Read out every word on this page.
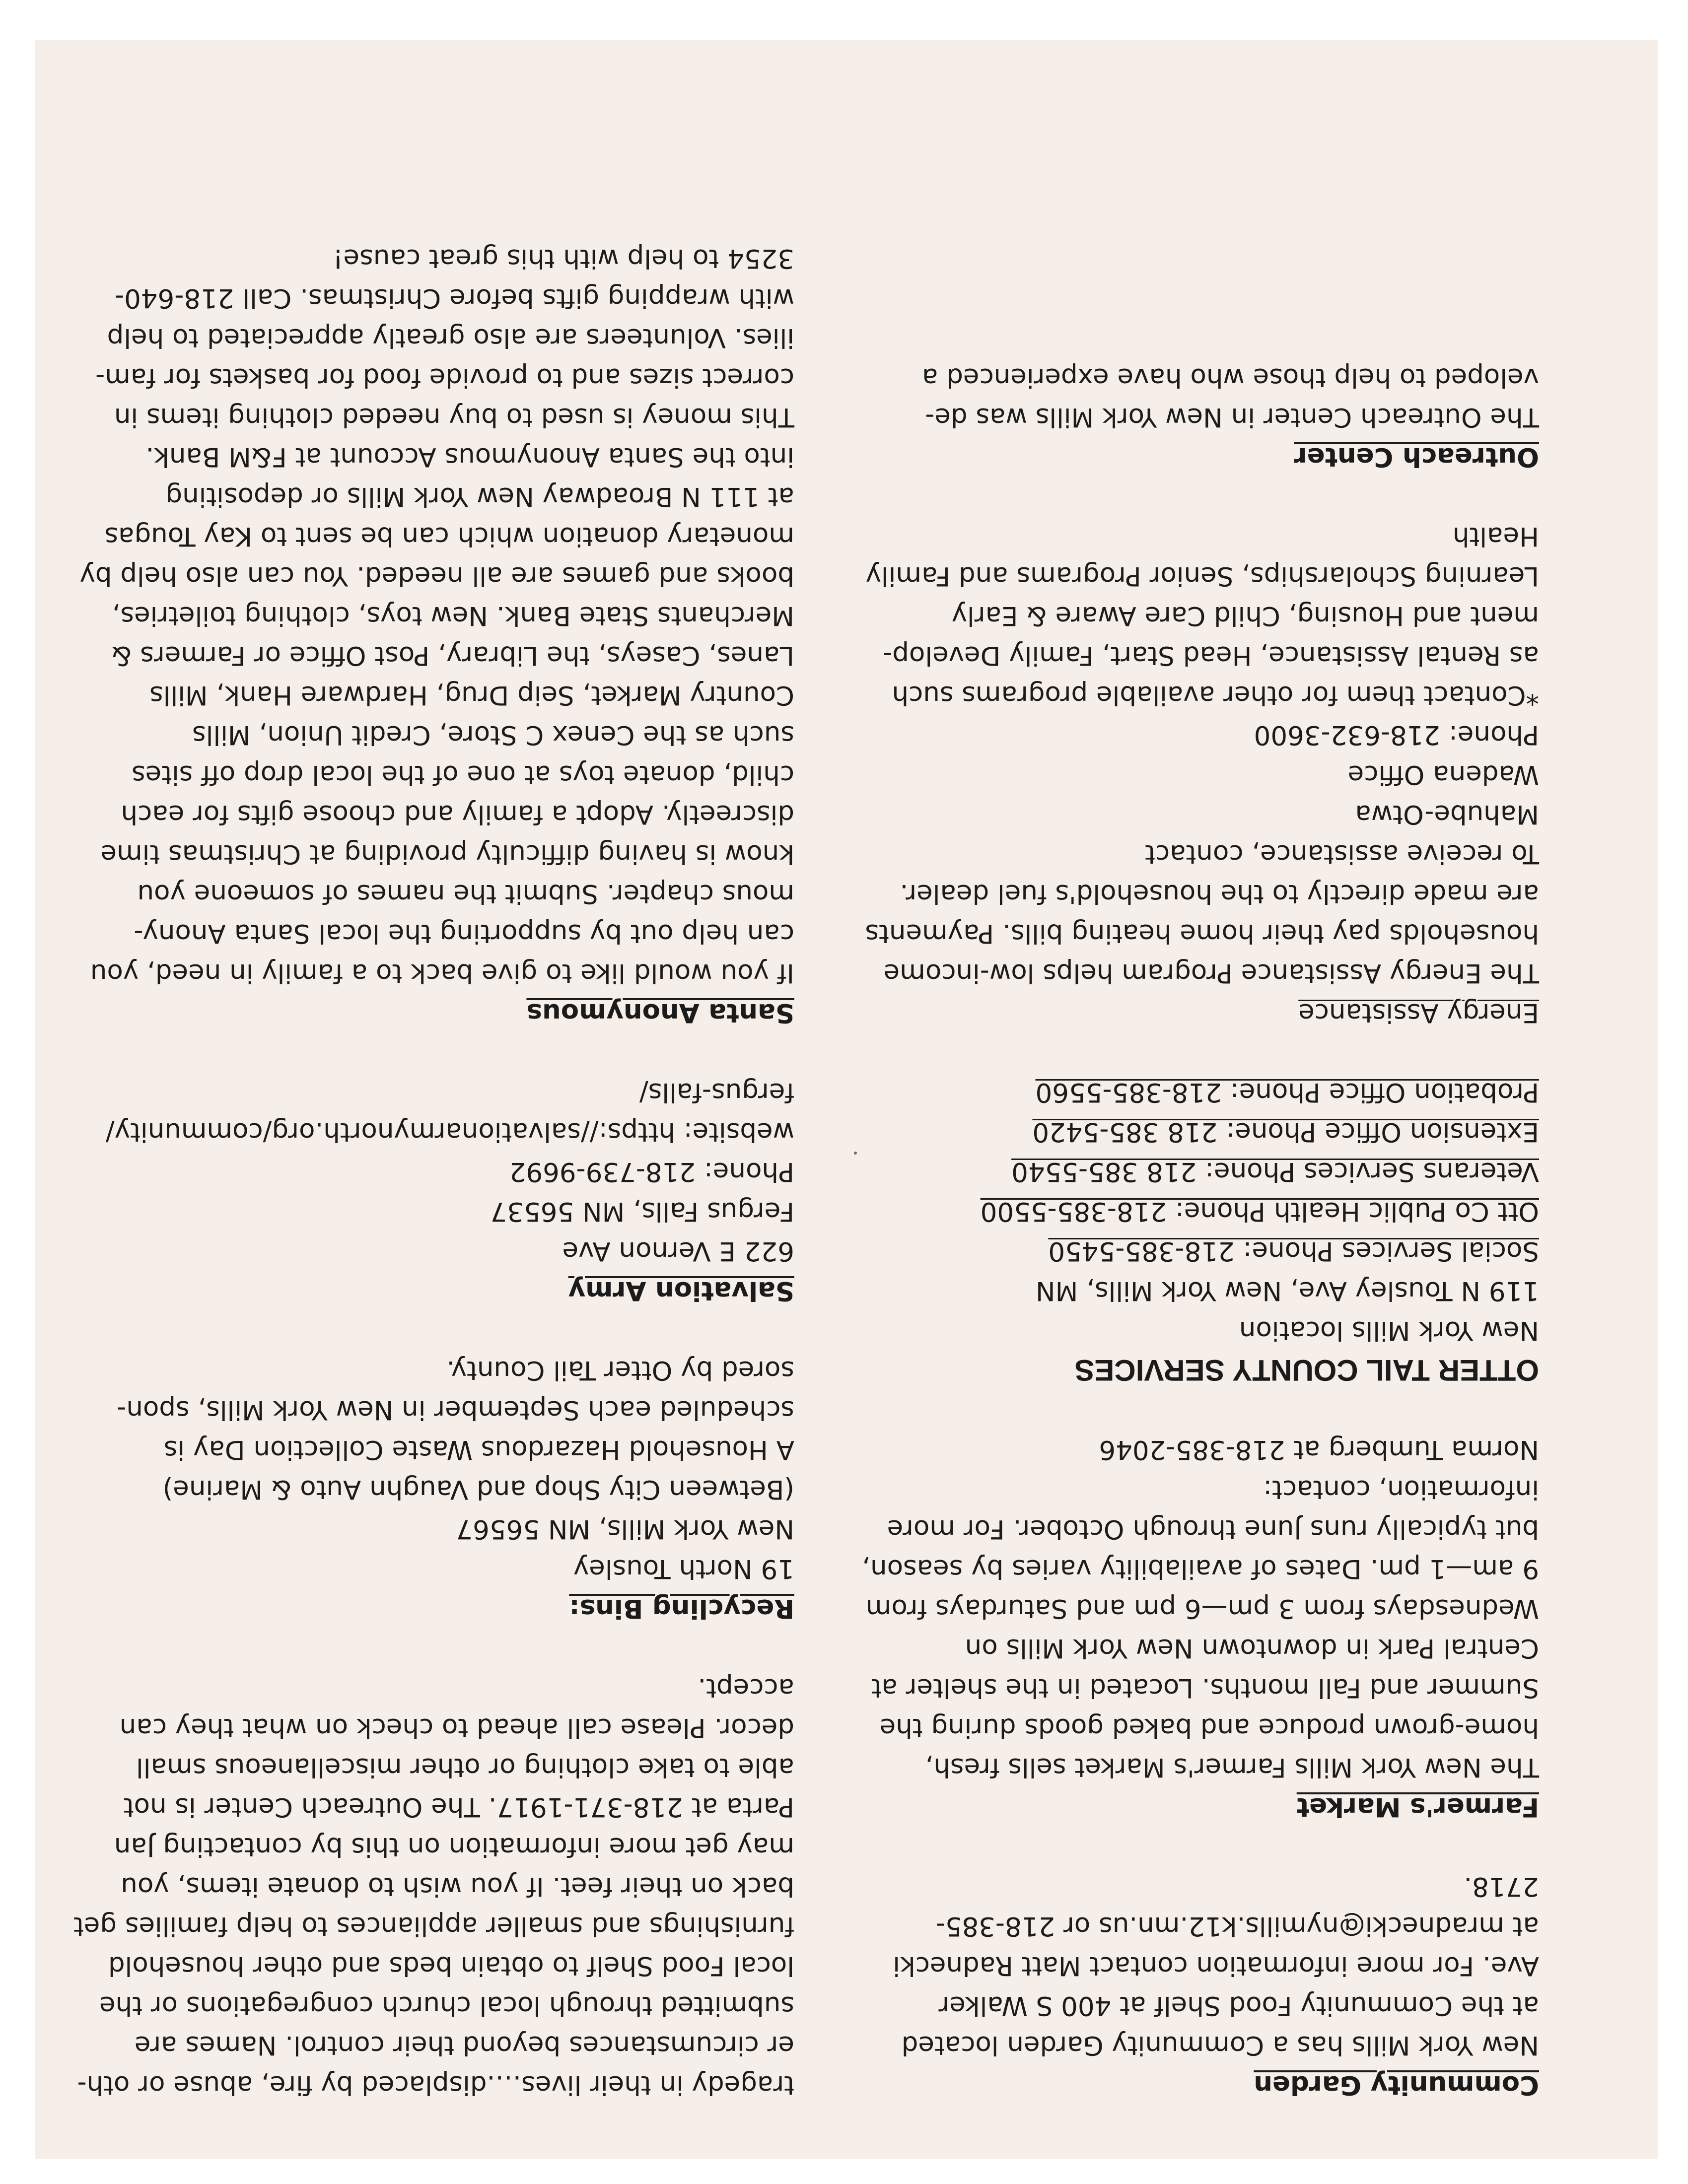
Community Garden

New York Mills has a Community Garden located
at the Community Food Shelf at 400 S Walker
Ave. For more information contact Matt Radnecki
at mradnecki@nymills.k12.mn.us or 218-385-
2718.

Farmer's Market

The New York Mills Farmer's Market sells fresh,
home-grown produce and baked goods during the
Summer and Fall months. Located in the shelter at
Central Park in downtown New York Mills on
Wednesdays from 3 pm—6 pm and Saturdays from
9 am—1 pm. Dates of availability varies by season,
but typically runs June through October. For more
information, contact:
Norma Tumberg at 218-385-2046

OTTER TAIL COUNTY SERVICES

New York Mills location
119 N Tousley Ave, New York Mills, MN
Social Services Phone: 218-385-5450
Ott Co Public Health Phone: 218-385-5500
Veterans Services Phone: 218 385-5540
Extension Office Phone: 218 385-5420
Probation Office Phone: 218-385-5560

Energy Assistance

The Energy Assistance Program helps low-income
households pay their home heating bills. Payments
are made directly to the household's fuel dealer.
To receive assistance, contact
Mahube-Otwa
Wadena Office
Phone: 218-632-3600
*Contact them for other available programs such
as Rental Assistance, Head Start, Family Develop-
ment and Housing, Child Care Aware & Early
Learning Scholarships, Senior Programs and Family
Health

Outreach Center

The Outreach Center in New York Mills was de-
veloped to help those who have experienced a
tragedy in their lives….displaced by fire, abuse or oth-
er circumstances beyond their control. Names are
submitted through local church congregations or the
local Food Shelf to obtain beds and other household
furnishings and smaller appliances to help families get
back on their feet. If you wish to donate items, you
may get more information on this by contacting Jan
Parta at 218-371-1917. The Outreach Center is not
able to take clothing or other miscellaneous small
decor. Please call ahead to check on what they can
accept.

Recycling Bins:

19 North Tousley
New York Mills, MN 56567
(Between City Shop and Vaughn Auto & Marine)
A Household Hazardous Waste Collection Day is
scheduled each September in New York Mills, spon-
sored by Otter Tail County.

Salvation Army

622 E Vernon Ave
Fergus Falls, MN 56537
Phone: 218-739-9692
website: https://salvationarmynorth.org/community/
fergus-falls/

Santa Anonymous

If you would like to give back to a family in need, you
can help out by supporting the local Santa Anony-
mous chapter. Submit the names of someone you
know is having difficulty providing at Christmas time
discreetly. Adopt a family and choose gifts for each
child, donate toys at one of the local drop off sites
such as the Cenex C Store, Credit Union, Mills
Country Market, Seip Drug, Hardware Hank, Mills
Lanes, Caseys, the Library, Post Office or Farmers &
Merchants State Bank. New toys, clothing toiletries,
books and games are all needed. You can also help by
monetary donation which can be sent to Kay Tougas
at 111 N Broadway New York Mills or depositing
into the Santa Anonymous Account at F&M Bank.
This money is used to buy needed clothing items in
correct sizes and to provide food for baskets for fam-
ilies. Volunteers are also greatly appreciated to help
with wrapping gifts before Christmas. Call 218-640-
3254 to help with this great cause!
